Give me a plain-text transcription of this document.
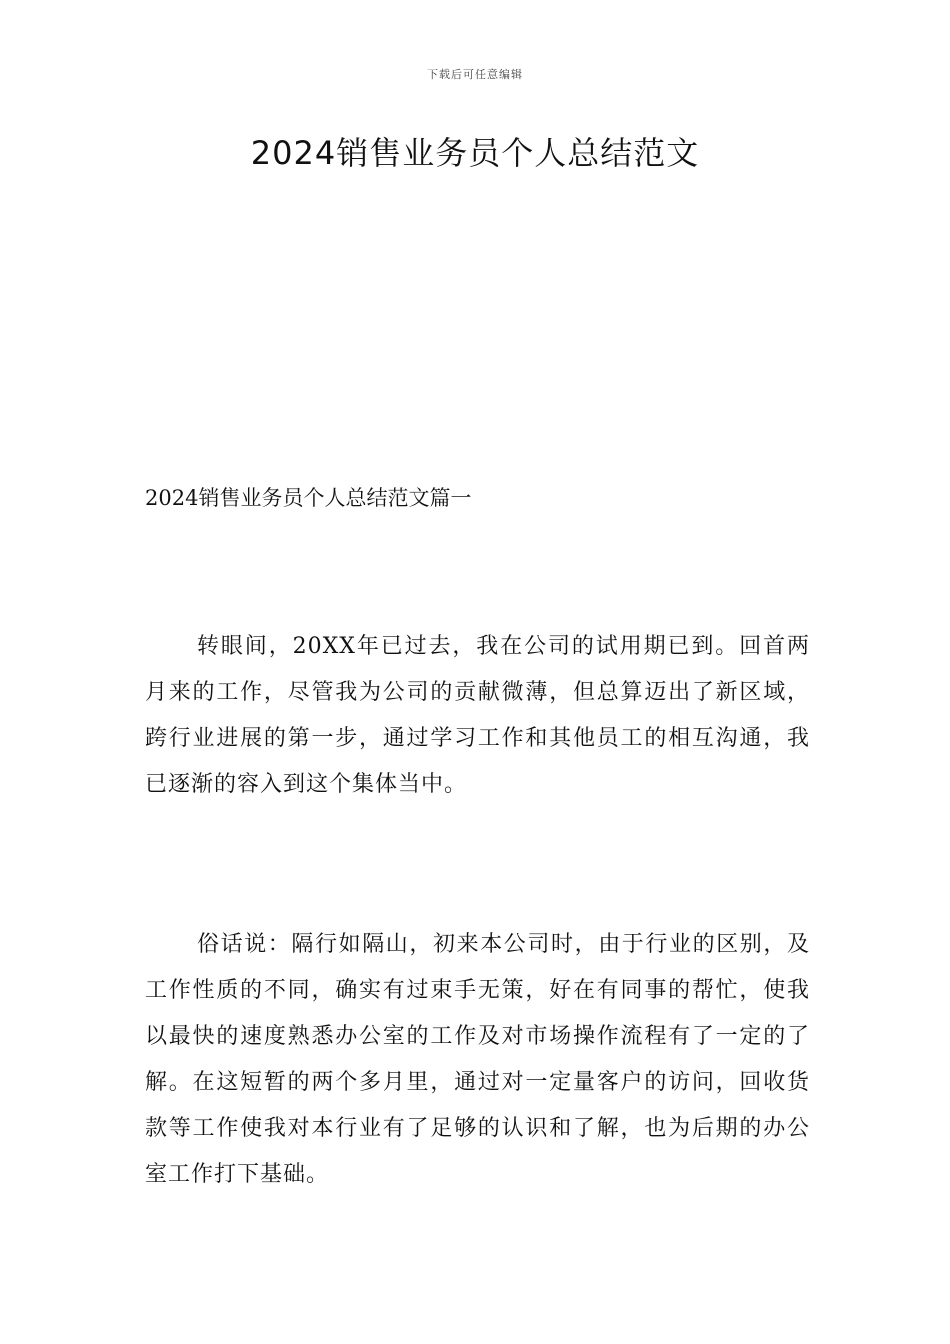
下载后可任意编辑
2024销售业务员个人总结范文
2024销售业务员个人总结范文篇一

转眼间，20XX年已过去，我在公司的试用期已到。回首两月来的工作，尽管我为公司的贡献微薄，但总算迈出了新区域，跨行业进展的第一步，通过学习工作和其他员工的相互沟通，我已逐渐的容入到这个集体当中。

俗话说：隔行如隔山，初来本公司时，由于行业的区别，及工作性质的不同，确实有过束手无策，好在有同事的帮忙，使我以最快的速度熟悉办公室的工作及对市场操作流程有了一定的了解。在这短暂的两个多月里，通过对一定量客户的访问，回收货款等工作使我对本行业有了足够的认识和了解，也为后期的办公室工作打下基础。
